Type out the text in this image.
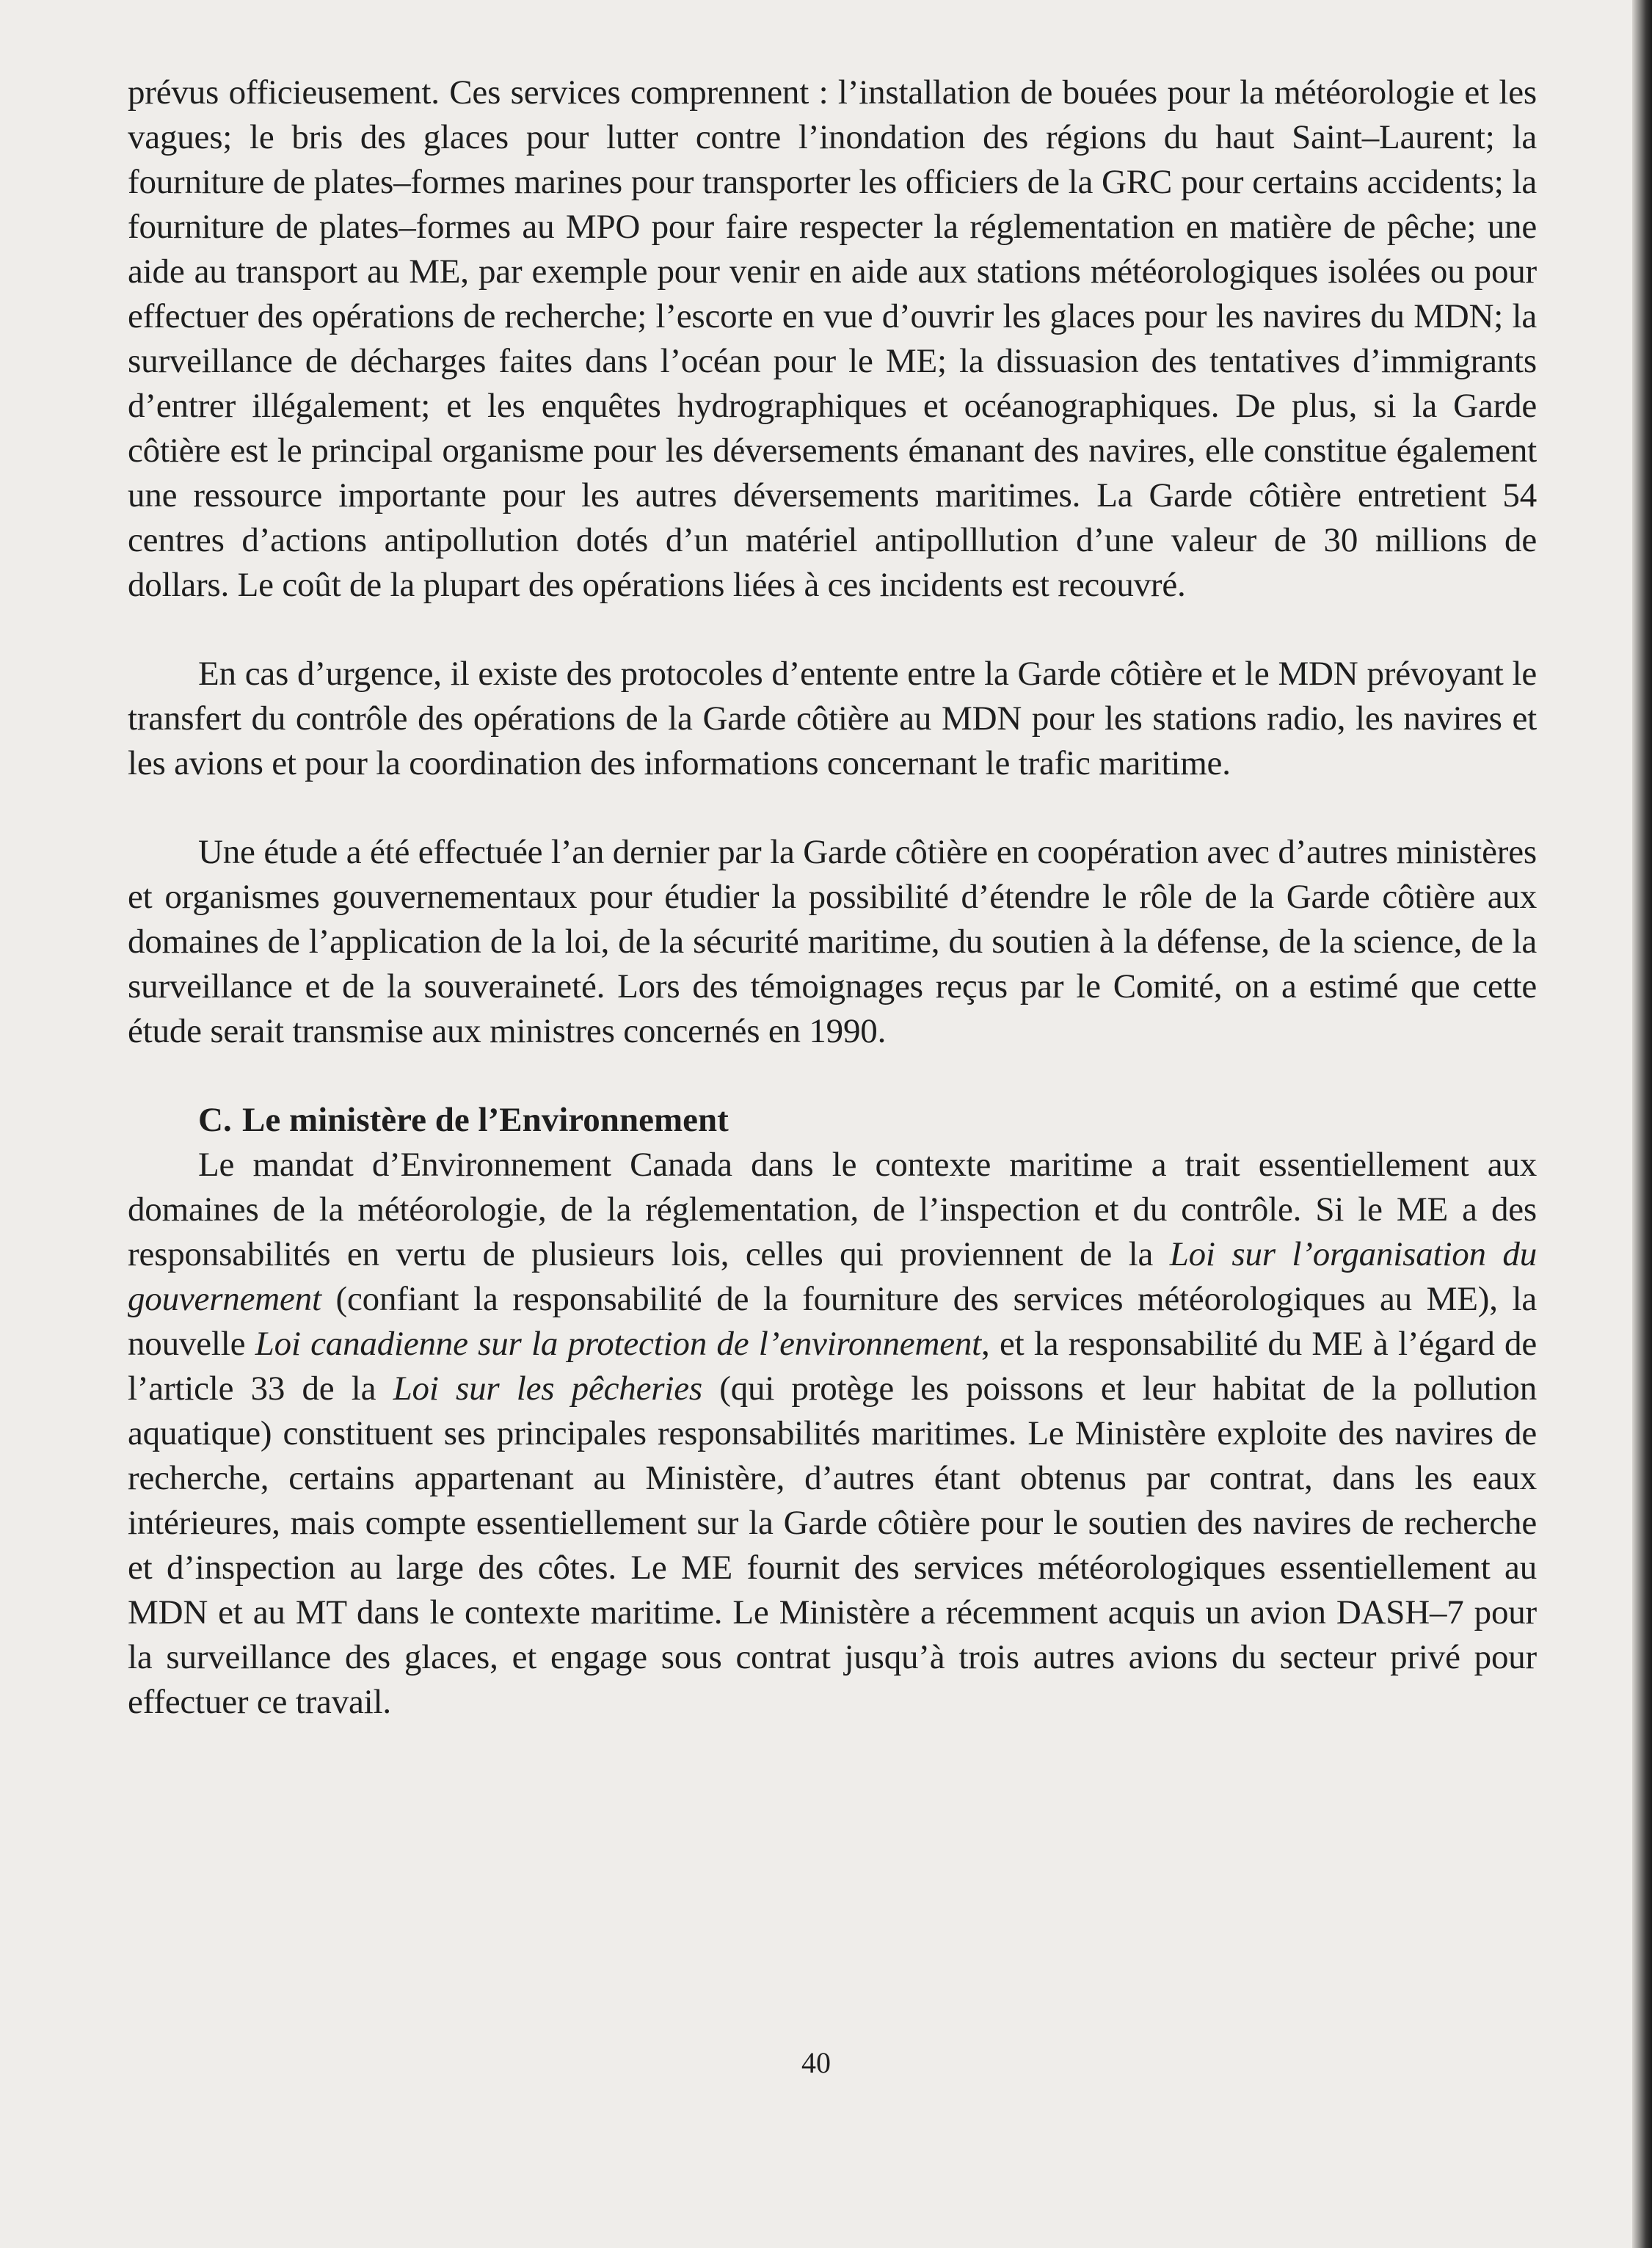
prévus officieusement. Ces services comprennent : l’installation de bouées pour la météorologie et les vagues; le bris des glaces pour lutter contre l’inondation des régions du haut Saint–Laurent; la fourniture de plates–formes marines pour transporter les officiers de la GRC pour certains accidents; la fourniture de plates–formes au MPO pour faire respecter la réglementation en matière de pêche; une aide au transport au ME, par exemple pour venir en aide aux stations météorologiques isolées ou pour effectuer des opérations de recherche; l’escorte en vue d’ouvrir les glaces pour les navires du MDN; la surveillance de décharges faites dans l’océan pour le ME; la dissuasion des tentatives d’immigrants d’entrer illégalement; et les enquêtes hydrographiques et océanographiques. De plus, si la Garde côtière est le principal organisme pour les déversements émanant des navires, elle constitue également une ressource importante pour les autres déversements maritimes. La Garde côtière entretient 54 centres d’actions antipollution dotés d’un matériel antipolllution d’une valeur de 30 millions de dollars. Le coût de la plupart des opérations liées à ces incidents est recouvré.

En cas d’urgence, il existe des protocoles d’entente entre la Garde côtière et le MDN prévoyant le transfert du contrôle des opérations de la Garde côtière au MDN pour les stations radio, les navires et les avions et pour la coordination des informations concernant le trafic maritime.

Une étude a été effectuée l’an dernier par la Garde côtière en coopération avec d’autres ministères et organismes gouvernementaux pour étudier la possibilité d’étendre le rôle de la Garde côtière aux domaines de l’application de la loi, de la sécurité maritime, du soutien à la défense, de la science, de la surveillance et de la souveraineté. Lors des témoignages reçus par le Comité, on a estimé que cette étude serait transmise aux ministres concernés en 1990.

C. Le ministère de l’Environnement

Le mandat d’Environnement Canada dans le contexte maritime a trait essentiellement aux domaines de la météorologie, de la réglementation, de l’inspection et du contrôle. Si le ME a des responsabilités en vertu de plusieurs lois, celles qui proviennent de la Loi sur l’organisation du gouvernement (confiant la responsabilité de la fourniture des services météorologiques au ME), la nouvelle Loi canadienne sur la protection de l’environnement, et la responsabilité du ME à l’égard de l’article 33 de la Loi sur les pêcheries (qui protège les poissons et leur habitat de la pollution aquatique) constituent ses principales responsabilités maritimes. Le Ministère exploite des navires de recherche, certains appartenant au Ministère, d’autres étant obtenus par contrat, dans les eaux intérieures, mais compte essentiellement sur la Garde côtière pour le soutien des navires de recherche et d’inspection au large des côtes. Le ME fournit des services météorologiques essentiellement au MDN et au MT dans le contexte maritime. Le Ministère a récemment acquis un avion DASH–7 pour la surveillance des glaces, et engage sous contrat jusqu’à trois autres avions du secteur privé pour effectuer ce travail.

40
